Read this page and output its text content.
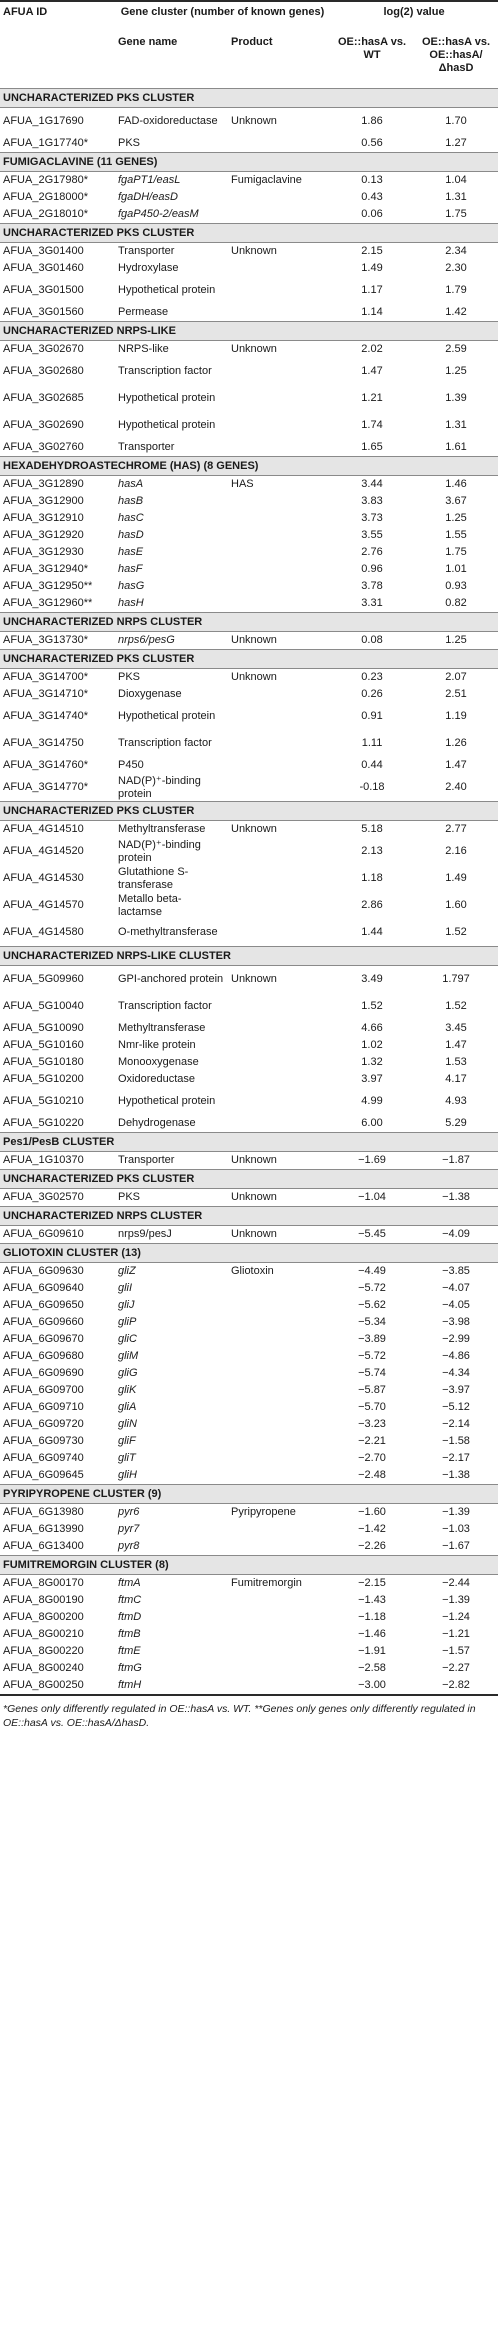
AFUA ID	Gene cluster (number of known genes)		log(2) value	
	Gene name	Product	OE::hasA vs. WT	OE::hasA vs. OE::hasA/ΔhasD
UNCHARACTERIZED PKS CLUSTER				
AFUA_1G17690	FAD-oxidoreductase	Unknown	1.86	1.70
AFUA_1G17740*	PKS		0.56	1.27
FUMIGACLAVINE (11 GENES)				
AFUA_2G17980*	fgaPT1/easL	Fumigaclavine	0.13	1.04
AFUA_2G18000*	fgaDH/easD		0.43	1.31
AFUA_2G18010*	fgaP450-2/easM		0.06	1.75
UNCHARACTERIZED PKS CLUSTER				
AFUA_3G01400	Transporter	Unknown	2.15	2.34
AFUA_3G01460	Hydroxylase		1.49	2.30
AFUA_3G01500	Hypothetical protein		1.17	1.79
AFUA_3G01560	Permease		1.14	1.42
UNCHARACTERIZED NRPS-LIKE				
AFUA_3G02670	NRPS-like	Unknown	2.02	2.59
AFUA_3G02680	Transcription factor		1.47	1.25
AFUA_3G02685	Hypothetical protein		1.21	1.39
AFUA_3G02690	Hypothetical protein		1.74	1.31
AFUA_3G02760	Transporter		1.65	1.61
HEXADEHYDROASTECHROME (HAS) (8 GENES)				
AFUA_3G12890	hasA	HAS	3.44	1.46
AFUA_3G12900	hasB		3.83	3.67
AFUA_3G12910	hasC		3.73	1.25
AFUA_3G12920	hasD		3.55	1.55
AFUA_3G12930	hasE		2.76	1.75
AFUA_3G12940*	hasF		0.96	1.01
AFUA_3G12950**	hasG		3.78	0.93
AFUA_3G12960**	hasH		3.31	0.82
UNCHARACTERIZED NRPS CLUSTER				
AFUA_3G13730*	nrps6/pesG	Unknown	0.08	1.25
UNCHARACTERIZED PKS CLUSTER				
AFUA_3G14700*	PKS	Unknown	0.23	2.07
AFUA_3G14710*	Dioxygenase		0.26	2.51
AFUA_3G14740*	Hypothetical protein		0.91	1.19
AFUA_3G14750	Transcription factor		1.11	1.26
AFUA_3G14760*	P450		0.44	1.47
AFUA_3G14770*	NAD(P)⁺-binding protein		-0.18	2.40
UNCHARACTERIZED PKS CLUSTER				
AFUA_4G14510	Methyltransferase	Unknown	5.18	2.77
AFUA_4G14520	NAD(P)⁺-binding protein		2.13	2.16
AFUA_4G14530	Glutathione S-transferase		1.18	1.49
AFUA_4G14570	Metallo beta-lactamse		2.86	1.60
AFUA_4G14580	O-methyltransferase		1.44	1.52
UNCHARACTERIZED NRPS-LIKE CLUSTER				
AFUA_5G09960	GPI-anchored protein	Unknown	3.49	1.797
AFUA_5G10040	Transcription factor		1.52	1.52
AFUA_5G10090	Methyltransferase		4.66	3.45
AFUA_5G10160	Nmr-like protein		1.02	1.47
AFUA_5G10180	Monooxygenase		1.32	1.53
AFUA_5G10200	Oxidoreductase		3.97	4.17
AFUA_5G10210	Hypothetical protein		4.99	4.93
AFUA_5G10220	Dehydrogenase		6.00	5.29
Pes1/PesB CLUSTER				
AFUA_1G10370	Transporter	Unknown	−1.69	−1.87
UNCHARACTERIZED PKS CLUSTER				
AFUA_3G02570	PKS	Unknown	−1.04	−1.38
UNCHARACTERIZED NRPS CLUSTER				
AFUA_6G09610	nrps9/pesJ	Unknown	−5.45	−4.09
GLIOTOXIN CLUSTER (13)				
AFUA_6G09630	gliZ	Gliotoxin	−4.49	−3.85
AFUA_6G09640	gliI		−5.72	−4.07
AFUA_6G09650	gliJ		−5.62	−4.05
AFUA_6G09660	gliP		−5.34	−3.98
AFUA_6G09670	gliC		−3.89	−2.99
AFUA_6G09680	gliM		−5.72	−4.86
AFUA_6G09690	gliG		−5.74	−4.34
AFUA_6G09700	gliK		−5.87	−3.97
AFUA_6G09710	gliA		−5.70	−5.12
AFUA_6G09720	gliN		−3.23	−2.14
AFUA_6G09730	gliF		−2.21	−1.58
AFUA_6G09740	gliT		−2.70	−2.17
AFUA_6G09645	gliH		−2.48	−1.38
PYRIPYROPENE CLUSTER (9)				
AFUA_6G13980	pyr6	Pyripyropene	−1.60	−1.39
AFUA_6G13990	pyr7		−1.42	−1.03
AFUA_6G13400	pyr8		−2.26	−1.67
FUMITREMORGIN CLUSTER (8)				
AFUA_8G00170	ftmA	Fumitremorgin	−2.15	−2.44
AFUA_8G00190	ftmC		−1.43	−1.39
AFUA_8G00200	ftmD		−1.18	−1.24
AFUA_8G00210	ftmB		−1.46	−1.21
AFUA_8G00220	ftmE		−1.91	−1.57
AFUA_8G00240	ftmG		−2.58	−2.27
AFUA_8G00250	ftmH		−3.00	−2.82
*Genes only differently regulated in OE::hasA vs. WT. **Genes only genes only differently regulated in OE::hasA vs. OE::hasA/ΔhasD.
